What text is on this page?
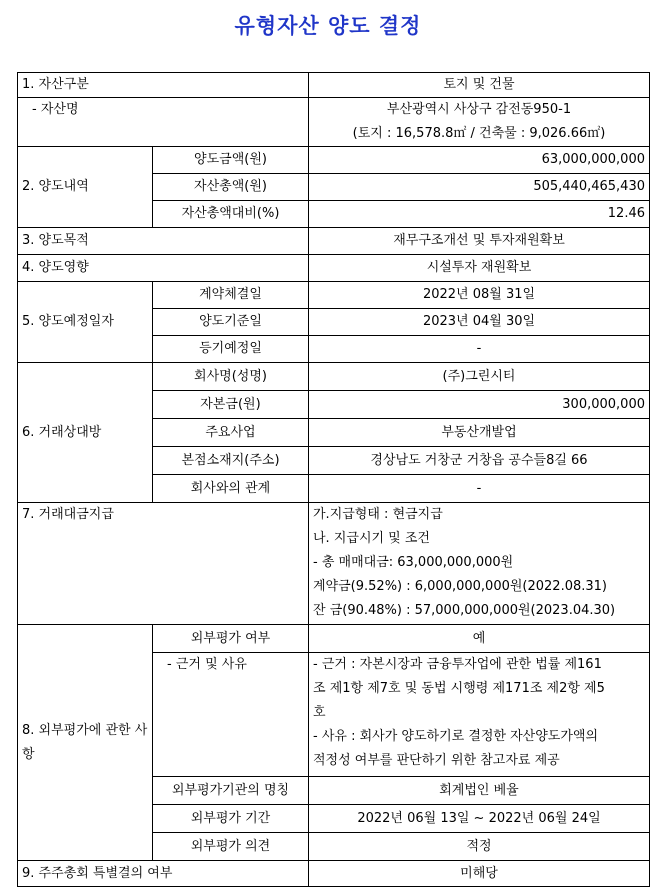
유형자산 양도 결정
1. 자산구분		토지 및 건물
- 자산명		부산광역시 사상구 감전동950-1
(토지 : 16,578.8㎡ / 건축물 : 9,026.66㎡)

2. 양도내역	양도금액(원)	63,000,000,000
	자산총액(원)	505,440,465,430
	자산총액대비(%)	12.46
3. 양도목적		재무구조개선 및 투자재원확보
4. 양도영향		시설투자 재원확보
5. 양도예정일자	계약체결일	2022년 08월 31일
	양도기준일	2023년 04월 30일
	등기예정일	-
6. 거래상대방	회사명(성명)	(주)그린시티
	자본금(원)	300,000,000
	주요사업	부동산개발업
	본점소재지(주소)	경상남도 거창군 거창읍 공수들8길 66
	회사와의 관계	-
7. 거래대금지급		가.지급형태 : 현금지급
나. 지급시기 및 조건
- 총 매매대금: 63,000,000,000원
계약금(9.52%) : 6,000,000,000원(2022.08.31)
잔 금(90.48%) : 57,000,000,000원(2023.04.30)

8. 외부평가에 관한 사항	외부평가 여부	예
	- 근거 및 사유	- 근거 : 자본시장과 금융투자업에 관한 법률 제161
조 제1항 제7호 및 동법 시행령 제171조 제2항 제5
호
- 사유 : 회사가 양도하기로 결정한 자산양도가액의
적정성 여부를 판단하기 위한 참고자료 제공

	외부평가기관의 명칭	회계법인 베율
	외부평가 기간	2022년 06월 13일 ~ 2022년 06월 24일
	외부평가 의견	적정
9. 주주총회 특별결의 여부		미해당
